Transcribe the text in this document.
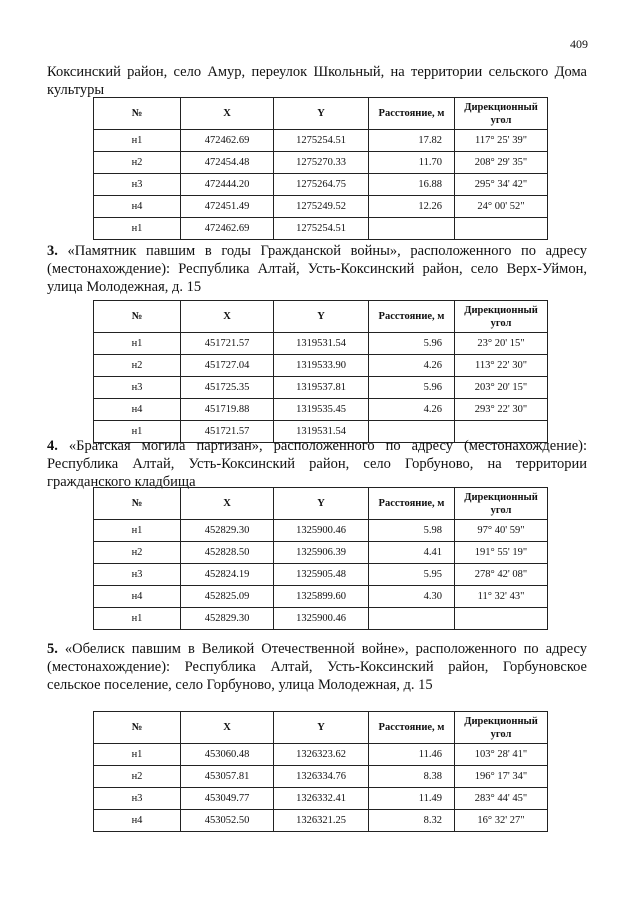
409

Коксинский район, село Амур, переулок Школьный, на территории сельского Дома культуры

№	X	Y	Расстояние, м	Дирекционный угол
н1	472462.69	1275254.51	17.82	117° 25' 39"
н2	472454.48	1275270.33	11.70	208° 29' 35"
н3	472444.20	1275264.75	16.88	295° 34' 42"
н4	472451.49	1275249.52	12.26	24° 00' 52"
н1	472462.69	1275254.51		

3. «Памятник павшим в годы Гражданской войны», расположенного по адресу (местонахождение): Республика Алтай, Усть-Коксинский район, село Верх-Уймон, улица Молодежная, д. 15

№	X	Y	Расстояние, м	Дирекционный угол
н1	451721.57	1319531.54	5.96	23° 20' 15"
н2	451727.04	1319533.90	4.26	113° 22' 30"
н3	451725.35	1319537.81	5.96	203° 20' 15"
н4	451719.88	1319535.45	4.26	293° 22' 30"
н1	451721.57	1319531.54		

4. «Братская могила партизан», расположенного по адресу (местонахождение): Республика Алтай, Усть-Коксинский район, село Горбуново, на территории гражданского кладбища

№	X	Y	Расстояние, м	Дирекционный угол
н1	452829.30	1325900.46	5.98	97° 40' 59"
н2	452828.50	1325906.39	4.41	191° 55' 19"
н3	452824.19	1325905.48	5.95	278° 42' 08"
н4	452825.09	1325899.60	4.30	11° 32' 43"
н1	452829.30	1325900.46		

5. «Обелиск павшим в Великой Отечественной войне», расположенного по адресу (местонахождение): Республика Алтай, Усть-Коксинский район, Горбуновское сельское поселение, село Горбуново, улица Молодежная, д. 15

№	X	Y	Расстояние, м	Дирекционный угол
н1	453060.48	1326323.62	11.46	103° 28' 41"
н2	453057.81	1326334.76	8.38	196° 17' 34"
н3	453049.77	1326332.41	11.49	283° 44' 45"
н4	453052.50	1326321.25	8.32	16° 32' 27"
